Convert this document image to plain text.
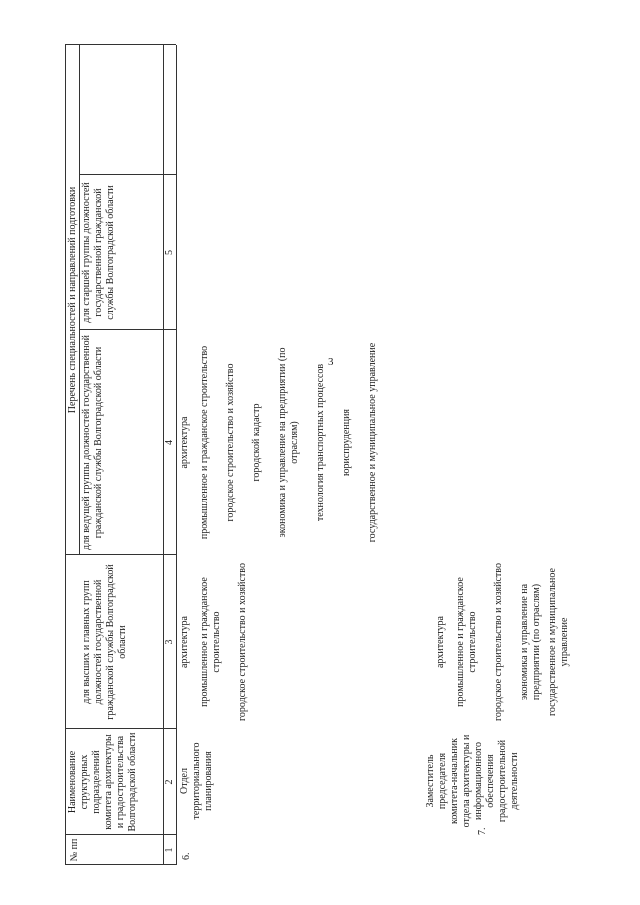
3
№ пп
Наименование структурных подразделений комитета архитектуры и градостроительства Волгоградской области
Перечень специальностей и направлений подготовки
для высших и главных групп должностей государственной гражданской службы Волгоградской области
для ведущей группы должностей государственной гражданской службы Волгоградской области
для старшей группы должностей государственной гражданской службы Волгоградской области
1
2
3
4
5
6.
Отдел территориального планирования
архитектура промышленное и гражданское строительство городское строительство и хозяйство
архитектура промышленное и гражданское строительство городское строительство и хозяйство городской кадастр экономика и управление на предприятии (по отраслям) технология транспортных процессов юриспруденция государственное и муниципальное управление
7.
Заместитель председателя комитета-начальник отдела архитектуры и информационного обеспечения градостроительной деятельности
архитектура промышленное и гражданское строительство городское строительство и хозяйство экономика и управление на предприятии (по отраслям) государственное и муниципальное управление
